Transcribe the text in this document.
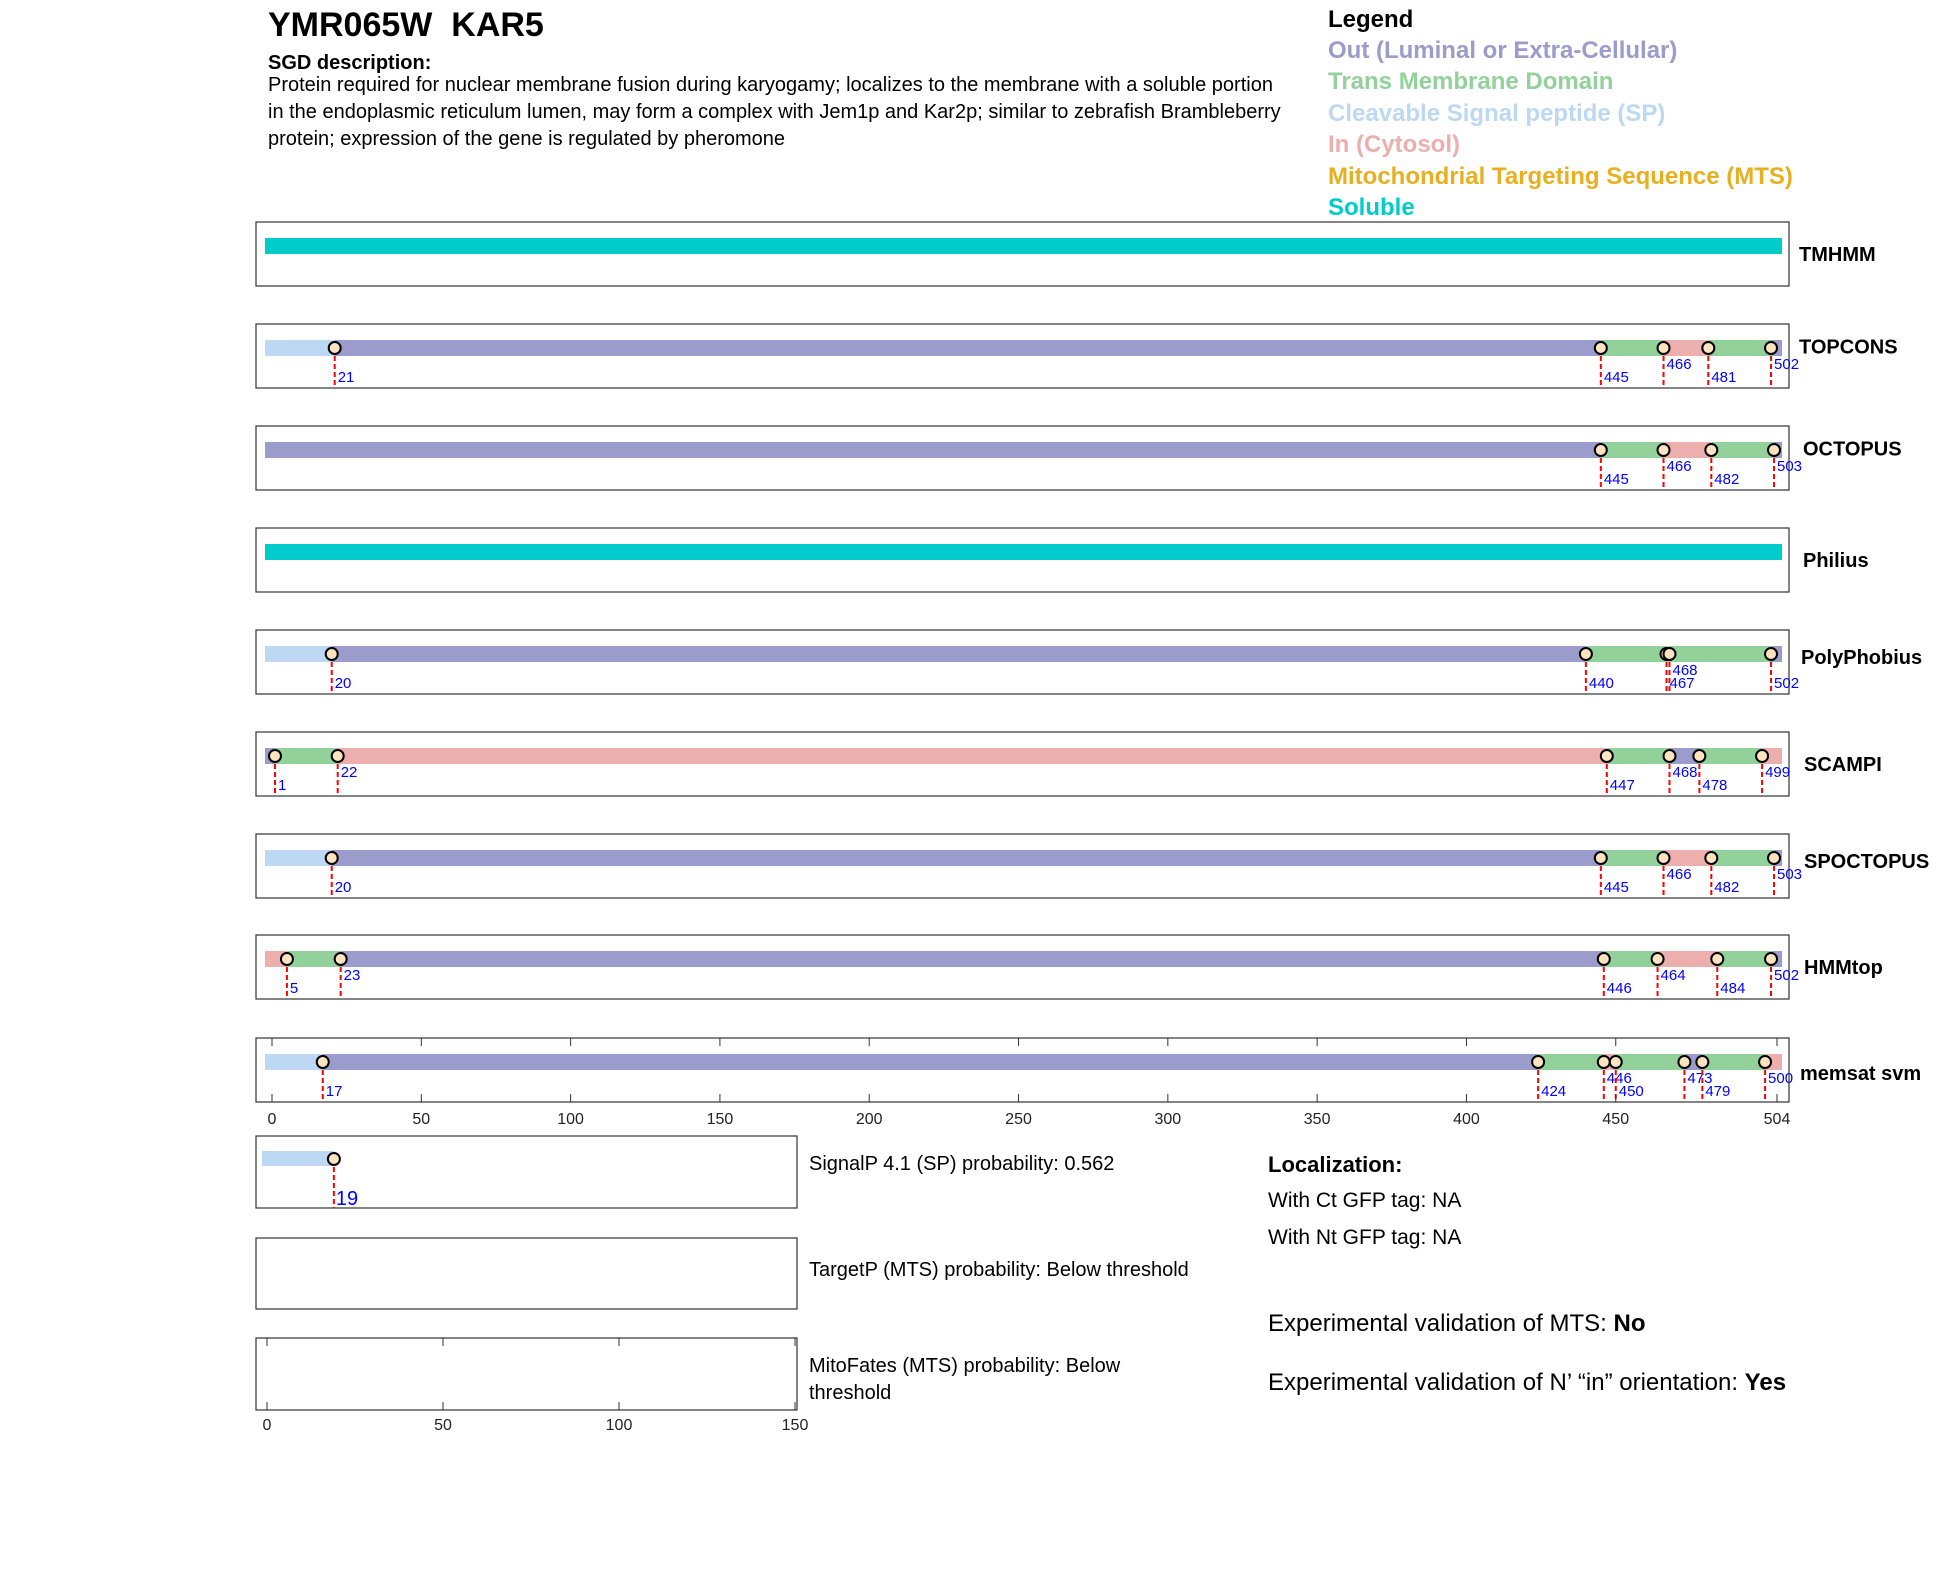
TMHMM
21	445
466
481
502
TOPCONS
445
466
482
503
OCTOPUS
Philius
20	440	467
468
502
PolyPhobius
1
22
447
468
478
499 SCAMPI
20	445
466
482
503
SPOCTOPUS
5
23
446
464
484
502 HMMtop
17	424
446
450
473
479
500 memsat svm
0	50	100	150	200	250	300	350	400	450	504
19
0	50	100	150
YMR065W  KAR5
SGD description:
Protein required for nuclear membrane fusion during karyogamy; localizes to the membrane with a soluble portion in the endoplasmic reticulum lumen, may form a complex with Jem1p and Kar2p; similar to zebrafish Brambleberry protein; expression of the gene is regulated by pheromone
Legend
Out (Luminal or Extra-Cellular)
Trans Membrane Domain
Cleavable Signal peptide (SP)
In (Cytosol)
Mitochondrial Targeting Sequence (MTS)
Soluble
SignalP 4.1 (SP) probability: 0.562
TargetP (MTS) probability: Below threshold
MitoFates (MTS) probability: Below threshold
Localization:
With Ct GFP tag: NA
With Nt GFP tag: NA
Experimental validation of MTS: No
Experimental validation of N’ “in” orientation: Yes
